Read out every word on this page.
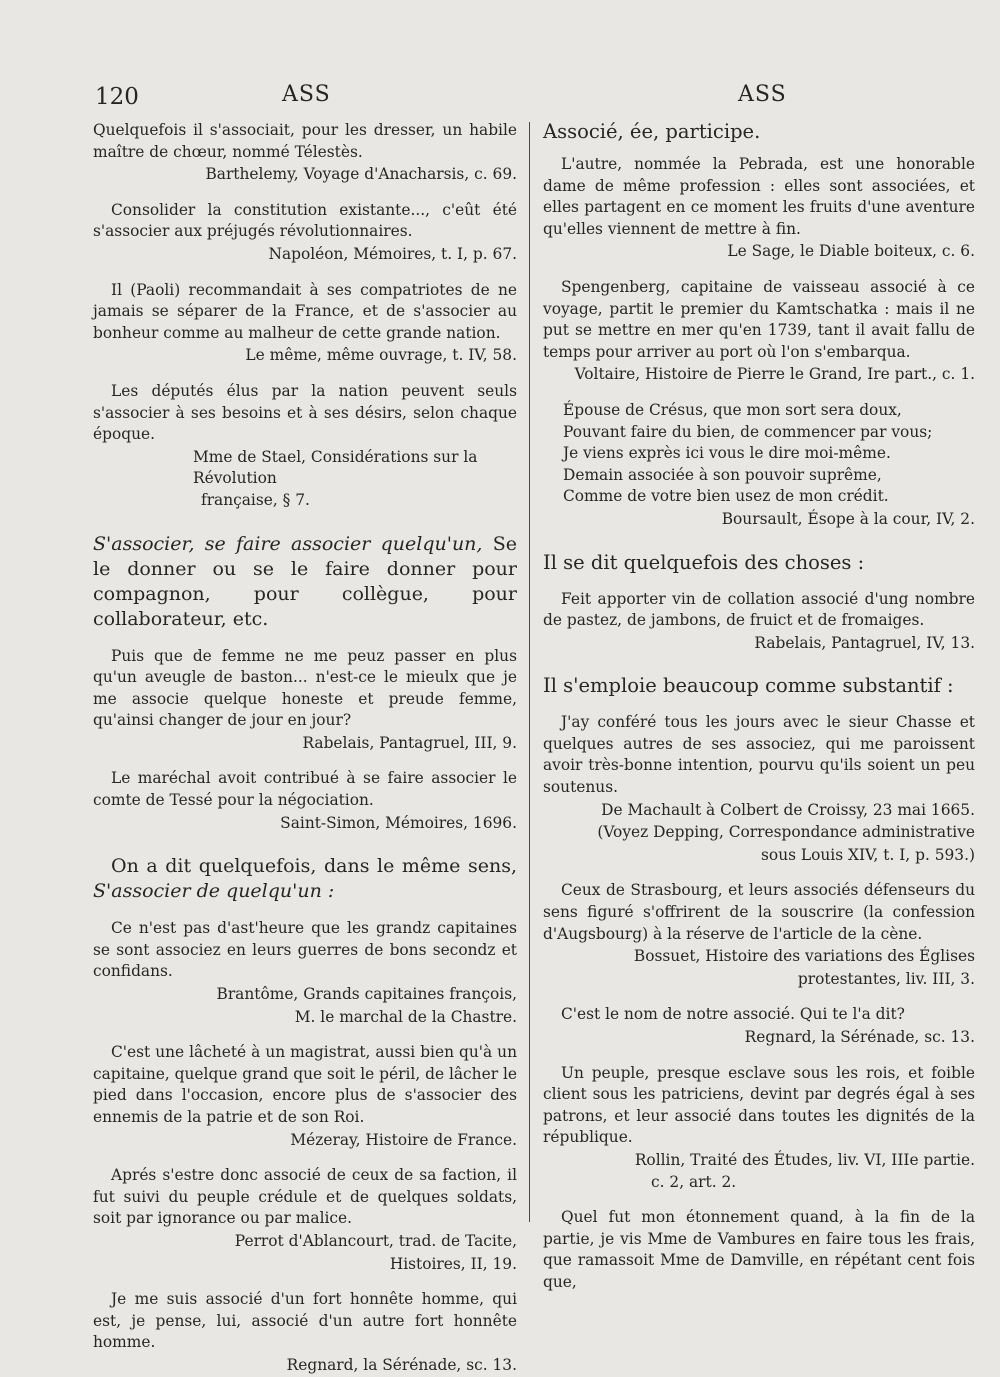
120	ASS	ASS

Quelquefois il s'associait, pour les dresser, un habile maître de chœur, nommé Télestès.

Barthelemy, Voyage d'Anacharsis, c. 69.

Consolider la constitution existante..., c'eût été s'associer aux préjugés révolutionnaires.

Napoléon, Mémoires, t. I, p. 67.

Il (Paoli) recommandait à ses compatriotes de ne jamais se séparer de la France, et de s'associer au bonheur comme au malheur de cette grande nation.

Le même, même ouvrage, t. IV, 58.

Les députés élus par la nation peuvent seuls s'associer à ses besoins et à ses désirs, selon chaque époque.

Mme de Stael, Considérations sur la Révolution

française, § 7.

S'associer, se faire associer quelqu'un, Se le donner ou se le faire donner pour compagnon, pour collègue, pour collaborateur, etc.

Puis que de femme ne me peuz passer en plus qu'un aveugle de baston... n'est-ce le mieulx que je me associe quelque honeste et preude femme, qu'ainsi changer de jour en jour?

Rabelais, Pantagruel, III, 9.

Le maréchal avoit contribué à se faire associer le comte de Tessé pour la négociation.

Saint-Simon, Mémoires, 1696.

On a dit quelquefois, dans le même sens, S'associer de quelqu'un :

Ce n'est pas d'ast'heure que les grandz capitaines se sont associez en leurs guerres de bons secondz et confidans.

Brantôme, Grands capitaines françois,

M. le marchal de la Chastre.

C'est une lâcheté à un magistrat, aussi bien qu'à un capitaine, quelque grand que soit le péril, de lâcher le pied dans l'occasion, encore plus de s'associer des ennemis de la patrie et de son Roi.

Mézeray, Histoire de France.

Aprés s'estre donc associé de ceux de sa faction, il fut suivi du peuple crédule et de quelques soldats, soit par ignorance ou par malice.

Perrot d'Ablancourt, trad. de Tacite,

Histoires, II, 19.

Je me suis associé d'un fort honnête homme, qui est, je pense, lui, associé d'un autre fort honnête homme.

Regnard, la Sérénade, sc. 13.

Associé, ée, participe.

L'autre, nommée la Pebrada, est une honorable dame de même profession : elles sont associées, et elles partagent en ce moment les fruits d'une aventure qu'elles viennent de mettre à fin.

Le Sage, le Diable boiteux, c. 6.

Spengenberg, capitaine de vaisseau associé à ce voyage, partit le premier du Kamtschatka : mais il ne put se mettre en mer qu'en 1739, tant il avait fallu de temps pour arriver au port où l'on s'embarqua.

Voltaire, Histoire de Pierre le Grand, Ire part., c. 1.

Épouse de Crésus, que mon sort sera doux,

Pouvant faire du bien, de commencer par vous;

Je viens exprès ici vous le dire moi-même.

Demain associée à son pouvoir suprême,

Comme de votre bien usez de mon crédit.

Boursault, Ésope à la cour, IV, 2.

Il se dit quelquefois des choses :

Feit apporter vin de collation associé d'ung nombre de pastez, de jambons, de fruict et de fromaiges.

Rabelais, Pantagruel, IV, 13.

Il s'emploie beaucoup comme substantif :

J'ay conféré tous les jours avec le sieur Chasse et quelques autres de ses associez, qui me paroissent avoir très-bonne intention, pourvu qu'ils soient un peu soutenus.

De Machault à Colbert de Croissy, 23 mai 1665.

(Voyez Depping, Correspondance administrative

sous Louis XIV, t. I, p. 593.)

Ceux de Strasbourg, et leurs associés défenseurs du sens figuré s'offrirent de la souscrire (la confession d'Augsbourg) à la réserve de l'article de la cène.

Bossuet, Histoire des variations des Églises

protestantes, liv. III, 3.

C'est le nom de notre associé. Qui te l'a dit?

Regnard, la Sérénade, sc. 13.

Un peuple, presque esclave sous les rois, et foible client sous les patriciens, devint par degrés égal à ses patrons, et leur associé dans toutes les dignités de la république.

Rollin, Traité des Études, liv. VI, IIIe partie.

c. 2, art. 2.

Quel fut mon étonnement quand, à la fin de la partie, je vis Mme de Vambures en faire tous les frais, que ramassoit Mme de Damville, en répétant cent fois que,
